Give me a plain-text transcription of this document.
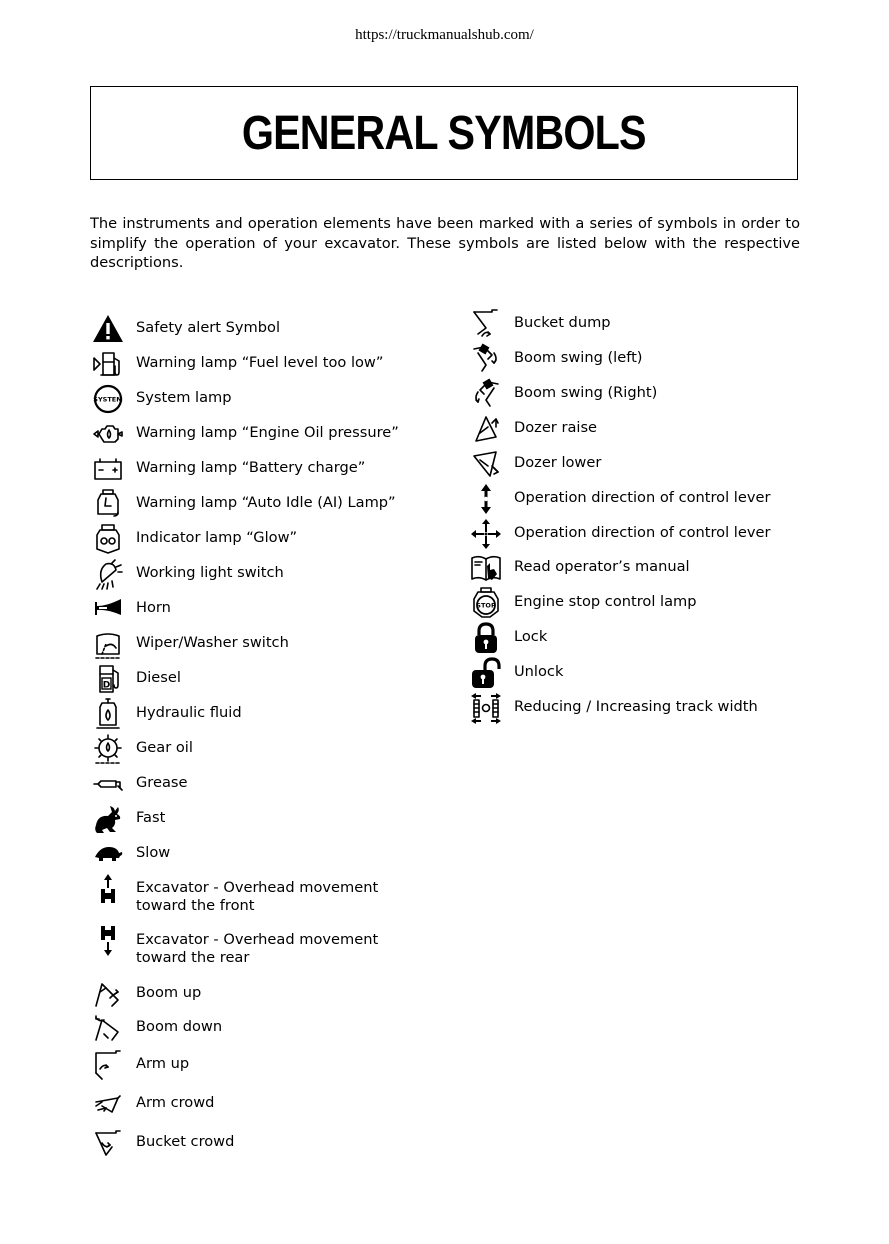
https://truckmanualshub.com/
GENERAL SYMBOLS
The instruments and operation elements have been marked with a series of symbols in order to simplify the operation of your excavator. These symbols are listed below with the respective descriptions.
Safety alert Symbol
Warning lamp “Fuel level too low”
SYSTEM System lamp
Warning lamp “Engine Oil pressure”
Warning lamp “Battery charge”
Warning lamp “Auto Idle (AI) Lamp”
Indicator lamp “Glow”
Working light switch
Horn
Wiper/Washer switch
D Diesel
Hydraulic fluid
Gear oil
Grease
Fast
Slow
Excavator - Overhead movement toward the front
Excavator - Overhead movement toward the rear
Boom up
Boom down
Arm up
Arm crowd
Bucket crowd
Bucket dump
Boom swing (left)
Boom swing (Right)
Dozer raise
Dozer lower
Operation direction of control lever
Operation direction of control lever
Read operator’s manual
STOP Engine stop control lamp
Lock
Unlock
Reducing / Increasing track width
